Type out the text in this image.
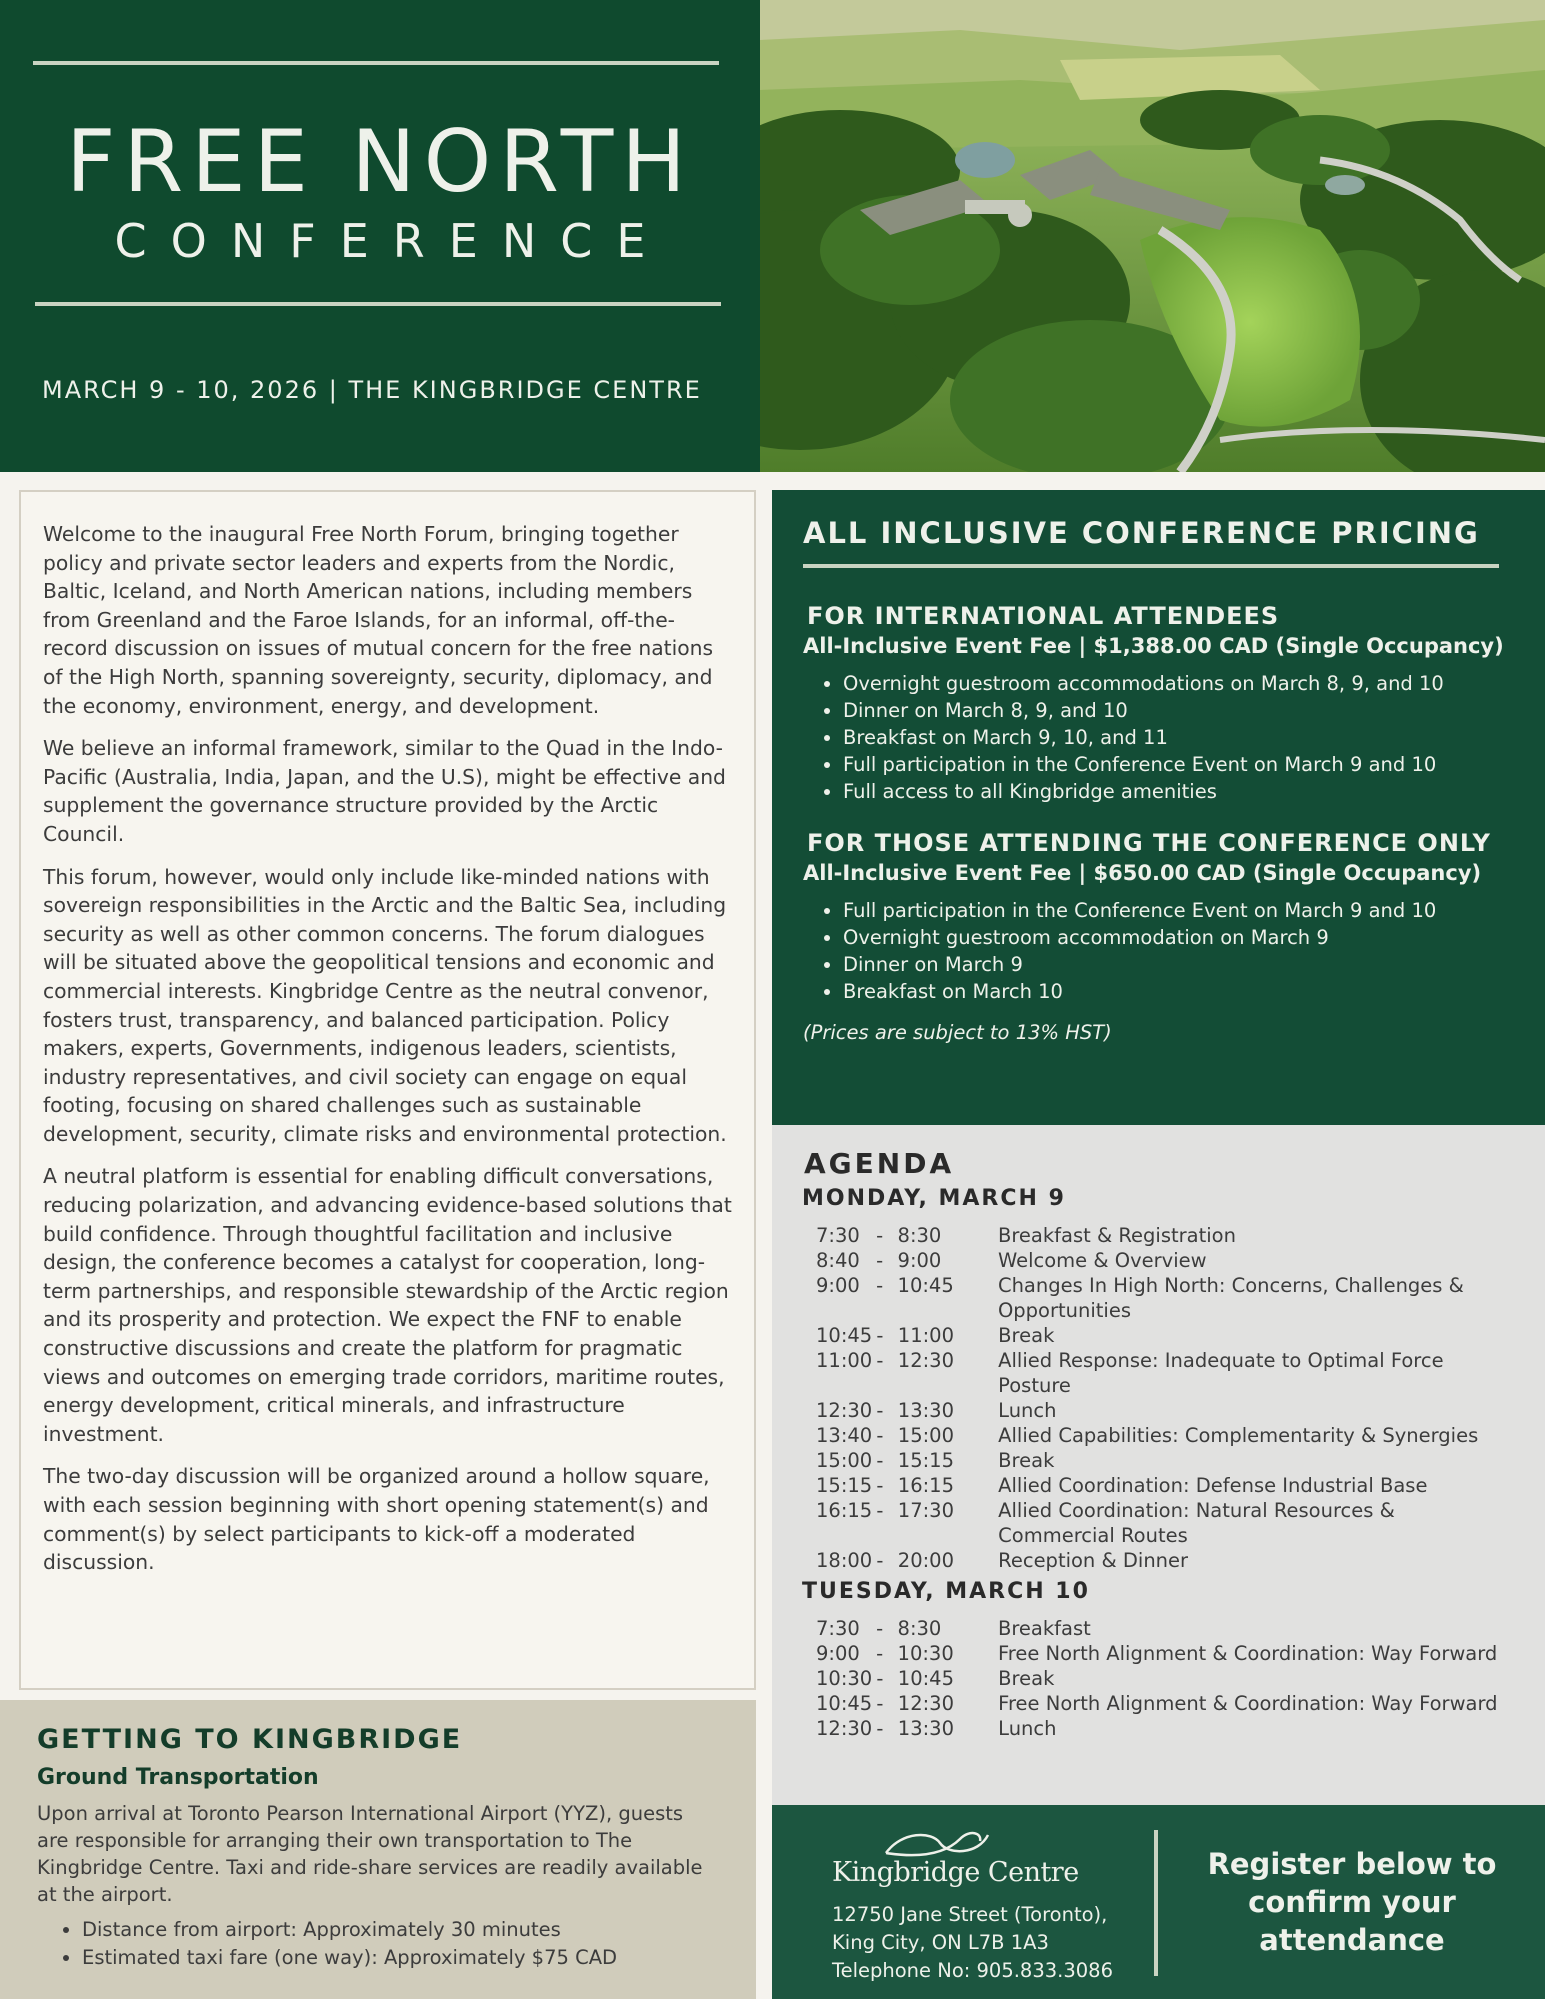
FREE NORTH
CONFERENCE
MARCH 9 - 10, 2026 | THE KINGBRIDGE CENTRE

Welcome to the inaugural Free North Forum, bringing together policy and private sector leaders and experts from the Nordic, Baltic, Iceland, and North American nations, including members from Greenland and the Faroe Islands, for an informal, off-the-record discussion on issues of mutual concern for the free nations of the High North, spanning sovereignty, security, diplomacy, and the economy, environment, energy, and development.

We believe an informal framework, similar to the Quad in the Indo-Pacific (Australia, India, Japan, and the U.S), might be effective and supplement the governance structure provided by the Arctic Council.

This forum, however, would only include like-minded nations with sovereign responsibilities in the Arctic and the Baltic Sea, including security as well as other common concerns. The forum dialogues will be situated above the geopolitical tensions and economic and commercial interests. Kingbridge Centre as the neutral convenor, fosters trust, transparency, and balanced participation. Policy makers, experts, Governments, indigenous leaders, scientists, industry representatives, and civil society can engage on equal footing, focusing on shared challenges such as sustainable development, security, climate risks and environmental protection.

A neutral platform is essential for enabling difficult conversations, reducing polarization, and advancing evidence-based solutions that build confidence. Through thoughtful facilitation and inclusive design, the conference becomes a catalyst for cooperation, long-term partnerships, and responsible stewardship of the Arctic region and its prosperity and protection. We expect the FNF to enable constructive discussions and create the platform for pragmatic views and outcomes on emerging trade corridors, maritime routes, energy development, critical minerals, and infrastructure investment.

The two-day discussion will be organized around a hollow square, with each session beginning with short opening statement(s) and comment(s) by select participants to kick-off a moderated discussion.

GETTING TO KINGBRIDGE
Ground Transportation

Upon arrival at Toronto Pearson International Airport (YYZ), guests are responsible for arranging their own transportation to The Kingbridge Centre. Taxi and ride-share services are readily available at the airport.

• Distance from airport: Approximately 30 minutes
• Estimated taxi fare (one way): Approximately $75 CAD
ALL INCLUSIVE CONFERENCE PRICING
FOR INTERNATIONAL ATTENDEES
All-Inclusive Event Fee | $1,388.00 CAD (Single Occupancy)
• Overnight guestroom accommodations on March 8, 9, and 10
• Dinner on March 8, 9, and 10
• Breakfast on March 9, 10, and 11
• Full participation in the Conference Event on March 9 and 10
• Full access to all Kingbridge amenities
FOR THOSE ATTENDING THE CONFERENCE ONLY
All-Inclusive Event Fee | $650.00 CAD (Single Occupancy)
• Full participation in the Conference Event on March 9 and 10
• Overnight guestroom accommodation on March 9
• Dinner on March 9
• Breakfast on March 10
(Prices are subject to 13% HST)
AGENDA
MONDAY, MARCH 9
7:30 - 8:30	Breakfast & Registration
8:40 - 9:00	Welcome & Overview
9:00 - 10:45	Changes In High North: Concerns, Challenges & Opportunities
10:45 - 11:00	Break
11:00 - 12:30	Allied Response: Inadequate to Optimal Force Posture
12:30 - 13:30	Lunch
13:40 - 15:00	Allied Capabilities: Complementarity & Synergies
15:00 - 15:15	Break
15:15 - 16:15	Allied Coordination: Defense Industrial Base
16:15 - 17:30	Allied Coordination: Natural Resources & Commercial Routes
18:00 - 20:00	Reception & Dinner
TUESDAY, MARCH 10
7:30 - 8:30	Breakfast
9:00 - 10:30	Free North Alignment & Coordination: Way Forward
10:30 - 10:45	Break
10:45 - 12:30	Free North Alignment & Coordination: Way Forward
12:30 - 13:30	Lunch
Kingbridge Centre
12750 Jane Street (Toronto),
King City, ON L7B 1A3
Telephone No: 905.833.3086
Register below to confirm your attendance
